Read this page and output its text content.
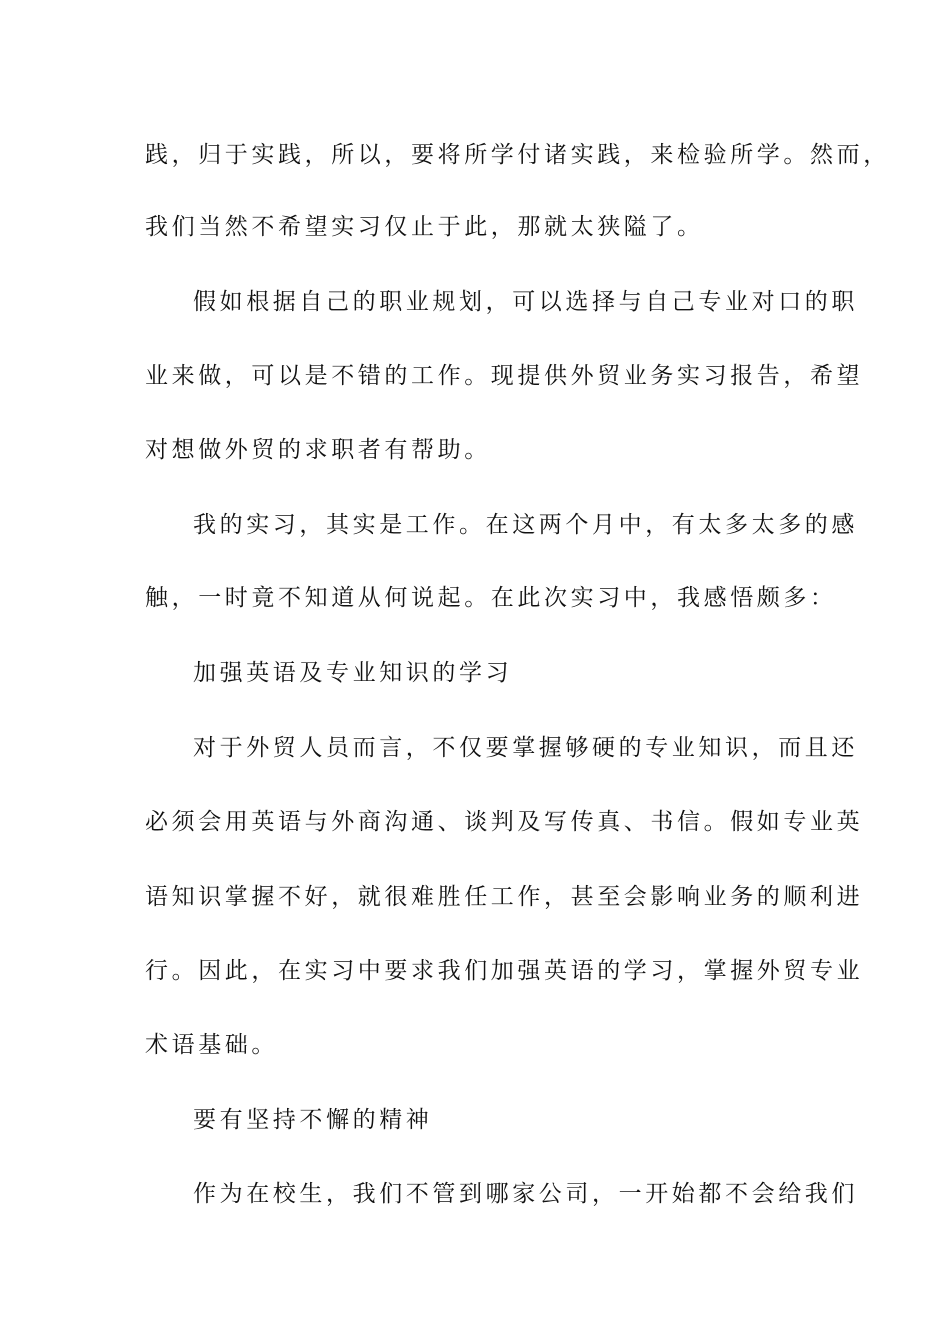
践，归于实践，所以，要将所学付诸实践，来检验所学。然而，
我们当然不希望实习仅止于此，那就太狭隘了。
假如根据自己的职业规划，可以选择与自己专业对口的职
业来做，可以是不错的工作。现提供外贸业务实习报告，希望
对想做外贸的求职者有帮助。
我的实习，其实是工作。在这两个月中，有太多太多的感
触，一时竟不知道从何说起。在此次实习中，我感悟颇多：
加强英语及专业知识的学习
对于外贸人员而言，不仅要掌握够硬的专业知识，而且还
必须会用英语与外商沟通、谈判及写传真、书信。假如专业英
语知识掌握不好，就很难胜任工作，甚至会影响业务的顺利进
行。因此，在实习中要求我们加强英语的学习，掌握外贸专业
术语基础。
要有坚持不懈的精神
作为在校生，我们不管到哪家公司，一开始都不会给我们
